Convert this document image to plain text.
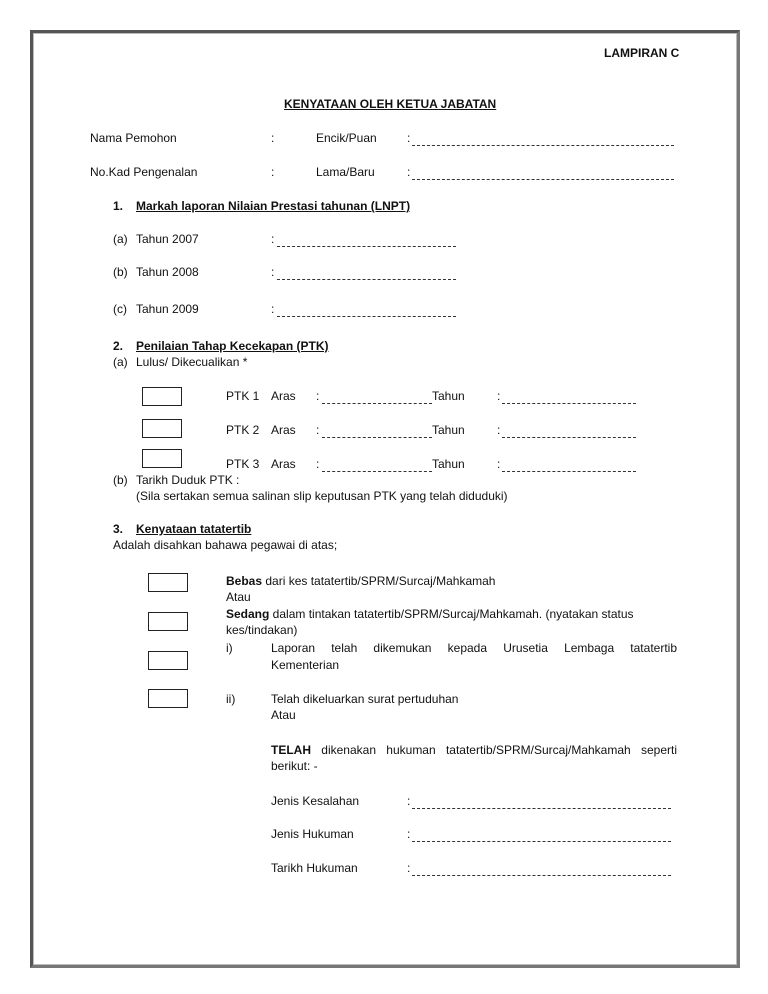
LAMPIRAN C
KENYATAAN OLEH KETUA JABATAN
Nama Pemohon	:	Encik/Puan	:
No.Kad Pengenalan	:	Lama/Baru	:
1. Markah laporan Nilaian Prestasi tahunan (LNPT)
(a) Tahun 2007	:
(b) Tahun 2008	:
(c) Tahun 2009	:
2. Penilaian Tahap Kecekapan (PTK)
(a) Lulus/ Dikecualikan *
PTK 1 Aras :	Tahun	:
PTK 2 Aras :	Tahun	:
PTK 3 Aras :	Tahun	:
(b) Tarikh Duduk PTK :
(Sila sertakan semua salinan slip keputusan PTK yang telah diduduki)
3. Kenyataan tatatertib
Adalah disahkan bahawa pegawai di atas;
Bebas dari kes tatatertib/SPRM/Surcaj/Mahkamah
Atau
Sedang dalam tintakan tatatertib/SPRM/Surcaj/Mahkamah. (nyatakan status
kes/tindakan)
i)	Laporan telah dikemukan kepada Urusetia Lembaga tatatertib
Kementerian
ii)	Telah dikeluarkan surat pertuduhan
Atau
TELAH dikenakan hukuman tatatertib/SPRM/Surcaj/Mahkamah seperti
berikut: -
Jenis Kesalahan	:
Jenis Hukuman	:
Tarikh Hukuman	:
